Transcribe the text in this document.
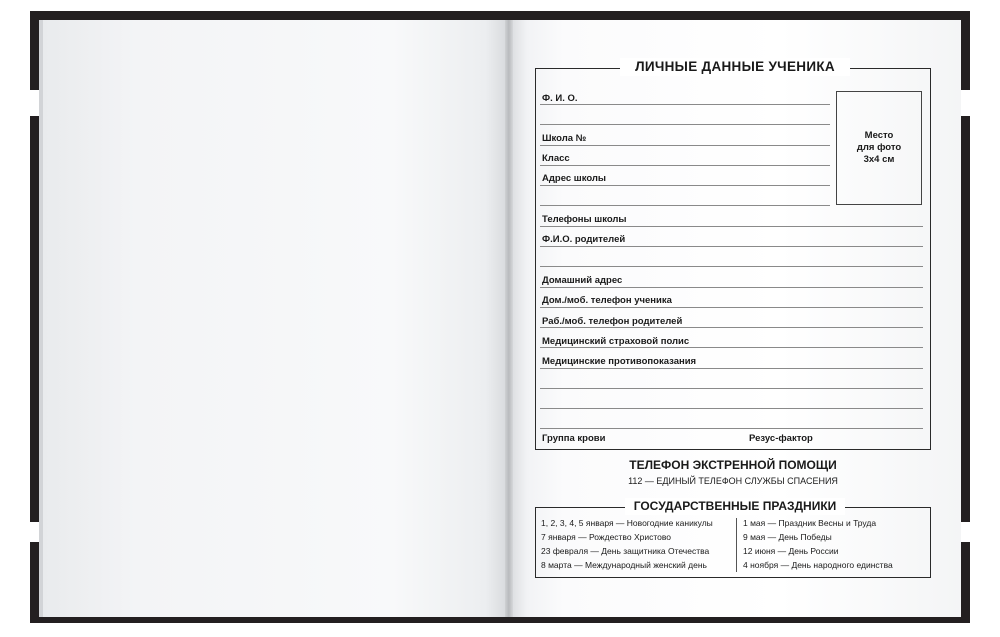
ЛИЧНЫЕ ДАННЫЕ УЧЕНИКА
Место
для фото
3х4 см
Ф. И. О.
Школа №
Класс
Адрес школы
Телефоны школы
Ф.И.О. родителей
Домашний адрес
Дом./моб. телефон ученика
Раб./моб. телефон родителей
Медицинский страховой полис
Медицинские противопоказания
Группа крови	Резус-фактор
ТЕЛЕФОН ЭКСТРЕННОЙ ПОМОЩИ
112 — ЕДИНЫЙ ТЕЛЕФОН СЛУЖБЫ СПАСЕНИЯ
ГОСУДАРСТВЕННЫЕ ПРАЗДНИКИ
1, 2, 3, 4, 5 января — Новогодние каникулы
7 января — Рождество Христово
23 февраля — День защитника Отечества
8 марта — Международный женский день
1 мая — Праздник Весны и Труда
9 мая — День Победы
12 июня — День России
4 ноября — День народного единства
